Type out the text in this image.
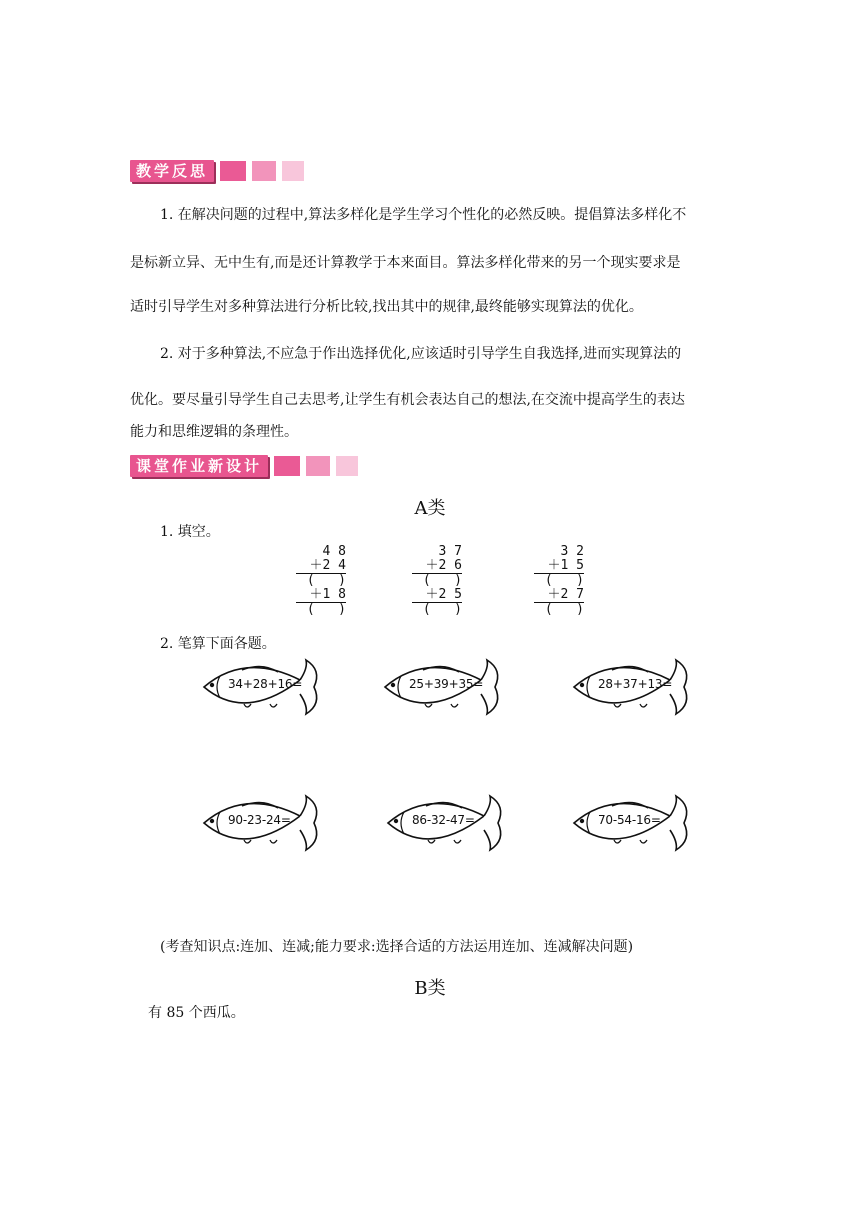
教学反思
1. 在解决问题的过程中,算法多样化是学生学习个性化的必然反映。提倡算法多样化不
是标新立异、无中生有,而是还计算教学于本来面目。算法多样化带来的另一个现实要求是
适时引导学生对多种算法进行分析比较,找出其中的规律,最终能够实现算法的优化。
2. 对于多种算法,不应急于作出选择优化,应该适时引导学生自我选择,进而实现算法的
优化。要尽量引导学生自己去思考,让学生有机会表达自己的想法,在交流中提高学生的表达
能力和思维逻辑的条理性。
课堂作业新设计
A类
1. 填空。
4 8
＋2 4
(   )
＋1 8
(   )
3 7
＋2 6
(   )
＋2 5
(   )
3 2
＋1 5
(   )
＋2 7
(   )
2. 笔算下面各题。
34+28+16=	25+39+35=	28+37+13=
90-23-24=	86-32-47=	70-54-16=
(考查知识点:连加、连减;能力要求:选择合适的方法运用连加、连减解决问题)
B类
有 85 个西瓜。
